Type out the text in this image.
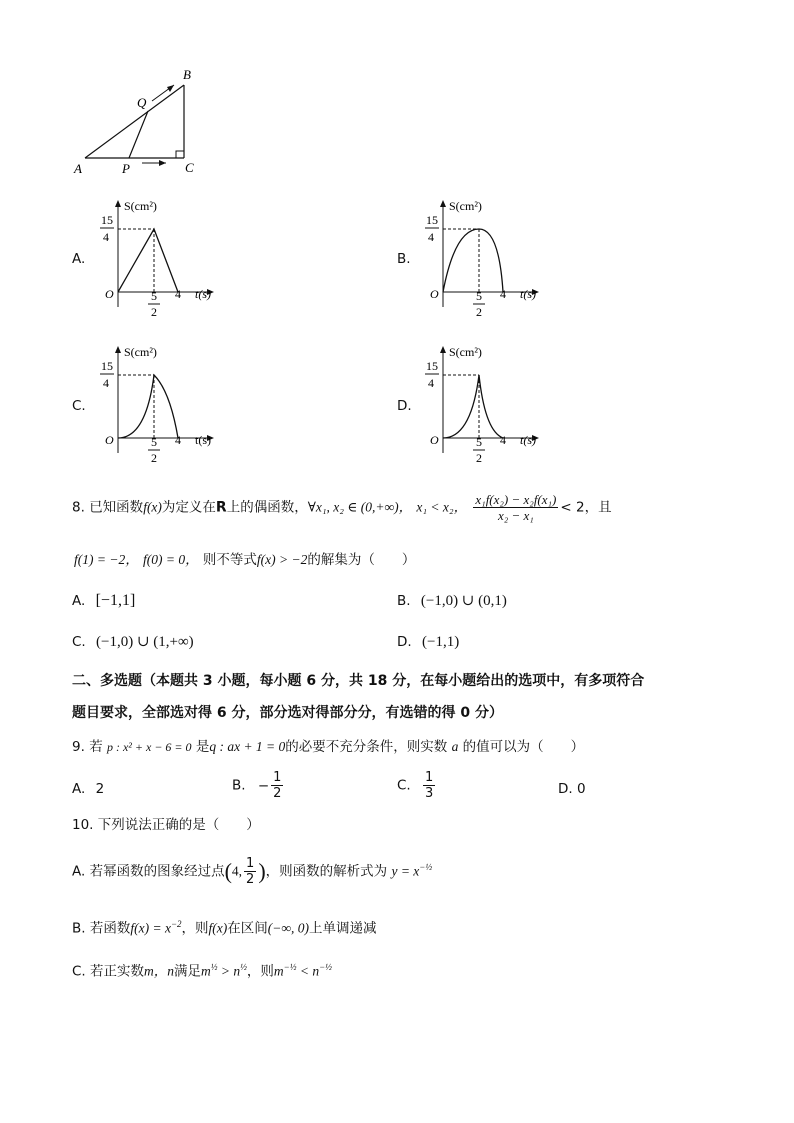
A	P	C
B
Q
A.	B.
C.	D.
S(cm²)
15
4
O	5
2
4 t(s)
S(cm²)
15
4
O	5
2
4 t(s)
S(cm²)
15
4
O	5
2
4 t(s)
S(cm²)
15
4
O	5
2
4 t(s)
8. 已知函数f(x)为定义在R上的偶函数，∀x₁, x₂ ∈ (0,+∞)， x₁ < x₂， $\frac{\text{x₁f(x₂) − x₂f(x₁)}}{\text{x₂ − x₁}} < 2$，且
f(1) = −2， f(0) = 0， 则不等式f(x) > −2的解集为（　　）
A. [−1,1]	B. (−1,0) ∪ (0,1)
C. (−1,0) ∪ (1,+∞)	D. (−1,1)
二、多选题（本题共 3 小题，每小题 6 分，共 18 分，在每小题给出的选项中，有多项符合
题目要求，全部选对得 6 分，部分选对得部分分，有选错的得 0 分）
9. 若 p : x² + x − 6 = 0 是q : ax + 1 = 0的必要不充分条件，则实数 a 的值可以为（　　）
A. 2	B. − $\frac{1}{2}$	C. $\frac{1}{3}$	D. 0
10. 下列说法正确的是（　　）
A. 若幂函数的图象经过点(4, $\frac{1}{2}$ )，则函数的解析式为 $y = x^{-\frac{1}{2}}$
B. 若函数$f(x) = x^{-2}$，则f(x)在区间(−∞, 0)上单调递减
C. 若正实数m，n满足$m^{\frac{1}{2}} > n^{\frac{1}{2}}$，则$m^{-\frac{1}{2}} < n^{-\frac{1}{2}}$
